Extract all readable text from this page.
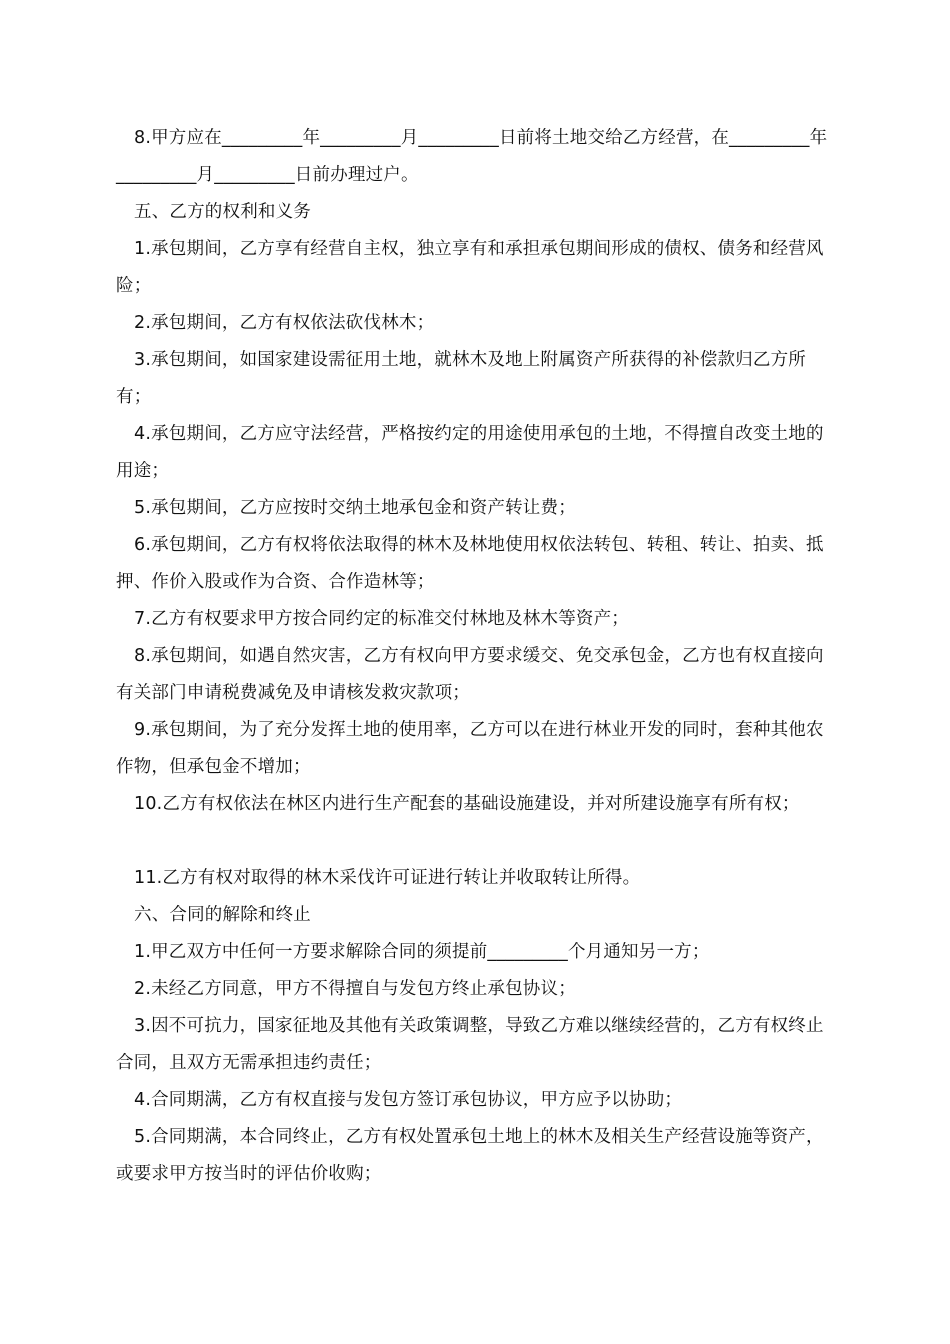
8.甲方应在_________年_________月_________日前将土地交给乙方经营，在_________年_________月_________日前办理过户。

五、乙方的权利和义务

1.承包期间，乙方享有经营自主权，独立享有和承担承包期间形成的债权、债务和经营风险；

2.承包期间，乙方有权依法砍伐林木；

3.承包期间，如国家建设需征用土地，就林木及地上附属资产所获得的补偿款归乙方所有；

4.承包期间，乙方应守法经营，严格按约定的用途使用承包的土地，不得擅自改变土地的用途；

5.承包期间，乙方应按时交纳土地承包金和资产转让费；

6.承包期间，乙方有权将依法取得的林木及林地使用权依法转包、转租、转让、拍卖、抵押、作价入股或作为合资、合作造林等；

7.乙方有权要求甲方按合同约定的标准交付林地及林木等资产；

8.承包期间，如遇自然灾害，乙方有权向甲方要求缓交、免交承包金，乙方也有权直接向有关部门申请税费减免及申请核发救灾款项；

9.承包期间，为了充分发挥土地的使用率，乙方可以在进行林业开发的同时，套种其他农作物，但承包金不增加；

10.乙方有权依法在林区内进行生产配套的基础设施建设，并对所建设施享有所有权；

11.乙方有权对取得的林木采伐许可证进行转让并收取转让所得。

六、合同的解除和终止

1.甲乙双方中任何一方要求解除合同的须提前_________个月通知另一方；

2.未经乙方同意，甲方不得擅自与发包方终止承包协议；

3.因不可抗力，国家征地及其他有关政策调整，导致乙方难以继续经营的，乙方有权终止合同，且双方无需承担违约责任；

4.合同期满，乙方有权直接与发包方签订承包协议，甲方应予以协助；

5.合同期满，本合同终止，乙方有权处置承包土地上的林木及相关生产经营设施等资产，或要求甲方按当时的评估价收购；
